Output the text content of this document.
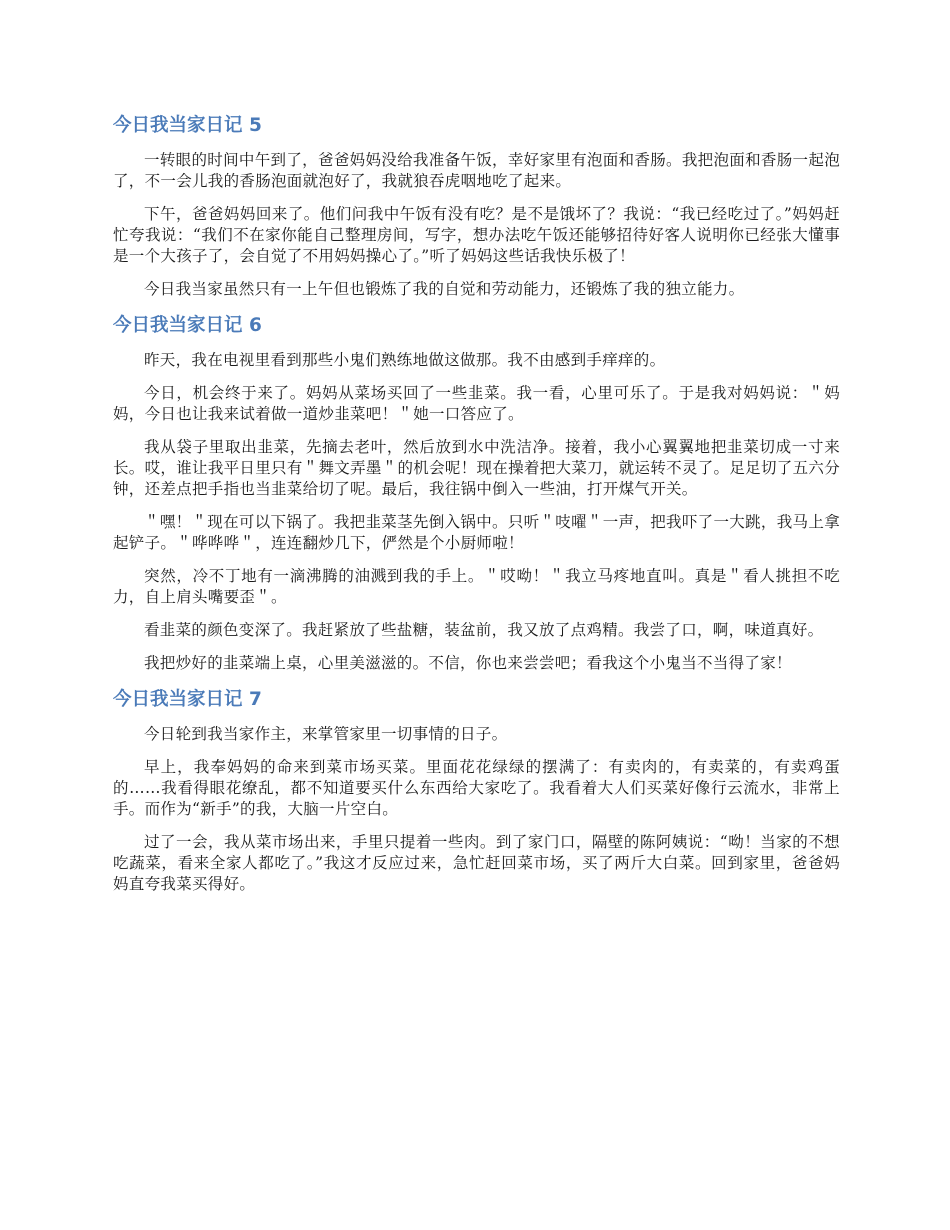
今日我当家日记 5

一转眼的时间中午到了，爸爸妈妈没给我准备午饭，幸好家里有泡面和香肠。我把泡面和香肠一起泡了，不一会儿我的香肠泡面就泡好了，我就狼吞虎咽地吃了起来。

下午，爸爸妈妈回来了。他们问我中午饭有没有吃？是不是饿坏了？我说：“我已经吃过了。”妈妈赶忙夸我说：“我们不在家你能自己整理房间，写字，想办法吃午饭还能够招待好客人说明你已经张大懂事是一个大孩子了，会自觉了不用妈妈操心了。”听了妈妈这些话我快乐极了！

今日我当家虽然只有一上午但也锻炼了我的自觉和劳动能力，还锻炼了我的独立能力。

今日我当家日记 6

昨天，我在电视里看到那些小鬼们熟练地做这做那。我不由感到手痒痒的。

今日，机会终于来了。妈妈从菜场买回了一些韭菜。我一看，心里可乐了。于是我对妈妈说：＂妈妈，今日也让我来试着做一道炒韭菜吧！＂她一口答应了。

我从袋子里取出韭菜，先摘去老叶，然后放到水中洗洁净。接着，我小心翼翼地把韭菜切成一寸来长。哎，谁让我平日里只有＂舞文弄墨＂的机会呢！现在操着把大菜刀，就运转不灵了。足足切了五六分钟，还差点把手指也当韭菜给切了呢。最后，我往锅中倒入一些油，打开煤气开关。

＂嘿！＂现在可以下锅了。我把韭菜茎先倒入锅中。只听＂吱嚁＂一声，把我吓了一大跳，我马上拿起铲子。＂哗哗哗＂，连连翻炒几下，俨然是个小厨师啦！

突然，冷不丁地有一滴沸腾的油溅到我的手上。＂哎呦！＂我立马疼地直叫。真是＂看人挑担不吃力，自上肩头嘴要歪＂。

看韭菜的颜色变深了。我赶紧放了些盐糖，装盆前，我又放了点鸡精。我尝了口，啊，味道真好。

我把炒好的韭菜端上桌，心里美滋滋的。不信，你也来尝尝吧；看我这个小鬼当不当得了家！

今日我当家日记 7

今日轮到我当家作主，来掌管家里一切事情的日子。

早上，我奉妈妈的命来到菜市场买菜。里面花花绿绿的摆满了：有卖肉的，有卖菜的，有卖鸡蛋的……我看得眼花缭乱，都不知道要买什么东西给大家吃了。我看着大人们买菜好像行云流水，非常上手。而作为“新手”的我，大脑一片空白。

过了一会，我从菜市场出来，手里只提着一些肉。到了家门口，隔壁的陈阿姨说：“呦！当家的不想吃蔬菜，看来全家人都吃了。”我这才反应过来，急忙赶回菜市场，买了两斤大白菜。回到家里，爸爸妈妈直夸我菜买得好。
